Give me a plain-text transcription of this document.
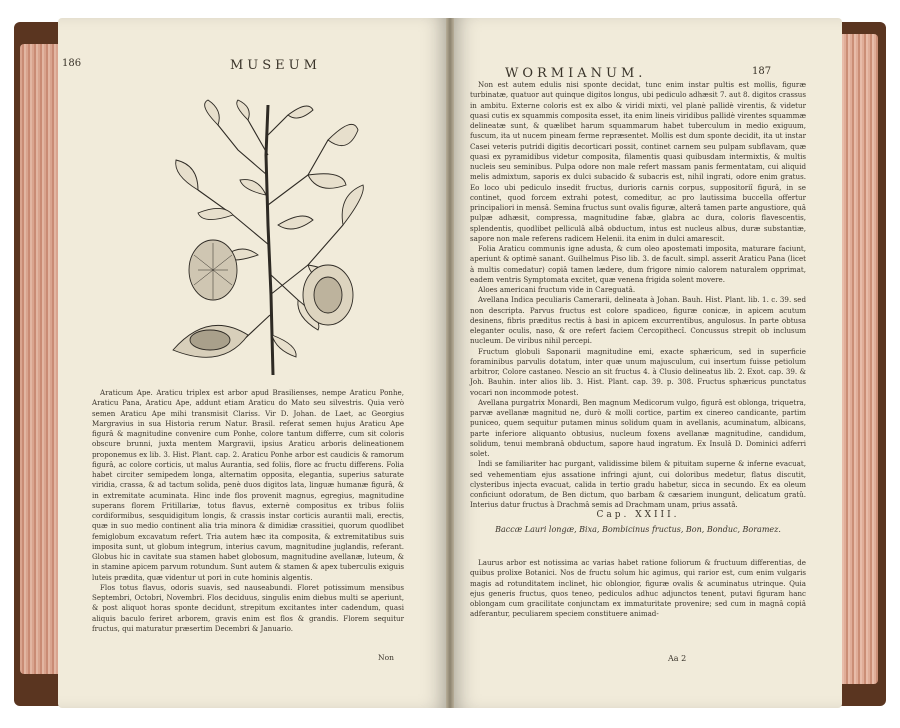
186	MUSEUM
WORMIANUM.	187

Araticum Ape. Araticu triplex est arbor apud Brasilienses, nempe Araticu Ponhe, Araticu Pana, Araticu Ape, addunt etiam Araticu do Mato seu silvestris. Quia verò semen Araticu Ape mihi transmisit Clariss. Vir D. Johan. de Laet, ac Georgius Margravius in sua Historia rerum Natur. Brasil. referat semen hujus Araticu Ape figurâ & magnitudine convenire cum Ponhe, colore tantum differre, cum sit coloris obscure brunni, juxta mentem Margravii, ipsius Araticu arboris delineationem proponemus ex lib. 3. Hist. Plant. cap. 2. Araticu Ponhe arbor est caudicis & ramorum figurâ, ac colore corticis, ut malus Aurantia, sed foliis, flore ac fructu differens. Folia habet circiter semipedem longa, alternatim opposita, elegantia, superius saturate viridia, crassa, & ad tactum solida, penè duos digitos lata, linguæ humanæ figurâ, & in extremitate acuminata. Hinc inde flos provenit magnus, egregius, magnitudine superans florem Fritillariæ, totus flavus, externè compositus ex tribus foliis cordiformibus, sesquidigitum longis, & crassis instar corticis aurantii mali, erectis, quæ in suo medio continent alia tria minora & dimidiæ crassitiei, quorum quodlibet femiglobum excavatum refert. Tria autem hæc ita composita, & extremitatibus suis imposita sunt, ut globum integrum, interius cavum, magnitudine juglandis, referant. Globus hic in cavitate sua stamen habet globosum, magnitudine avellanæ, luteum, & in stamine apicem parvum rotundum. Sunt autem & stamen & apex tuberculis exiguis luteis prædita, quæ videntur ut pori in cute hominis algentis.

Flos totus flavus, odoris suavis, sed nauseabundi. Floret potissimum mensibus Septembri, Octobri, Novembri. Flos deciduus, singulis enim diebus multi se aperiunt, & post aliquot horas sponte decidunt, strepitum excitantes inter cadendum, quasi aliquis baculo feriret arborem, gravis enim est flos & grandis. Florem sequitur fructus, qui maturatur præsertim Decembri & Januario.

Non

Non est autem edulis nisi sponte decidat, tunc enim instar pultis est mollis, figuræ turbinatæ, quatuor aut quinque digitos longus, ubi pediculo adhæsit 7. aut 8. digitos crassus in ambitu. Externe coloris est ex albo & viridi mixti, vel planè pallidè virentis, & videtur quasi cutis ex squammis composita esset, ita enim lineis viridibus pallidè virentes squammæ delineatæ sunt, & quælibet harum squammarum habet tuberculum in medio exiguum, fuscum, ita ut nucem pineam ferme repræsentet. Mollis est dum sponte decidit, ita ut instar Casei veteris putridi digitis decorticari possit, continet carnem seu pulpam subflavam, quæ quasi ex pyramidibus videtur composita, filamentis quasi quibusdam intermixtis, & multis nucleis seu seminibus. Pulpa odore non male refert massam panis fermentatam, cui aliquid melis admixtum, saporis ex dulci subacido & subacris est, nihil ingrati, odore enim gratus. Eo loco ubi pediculo insedit fructus, durioris carnis corpus, suppositoriî figurâ, in se continet, quod forcem extrahi potest, comeditur, ac pro lautissima buccella offertur principaliori in mensâ. Semina fructus sunt ovalis figuræ, alterâ tamen parte angustiore, quâ pulpæ adhæsit, compressa, magnitudine fabæ, glabra ac dura, coloris flavescentis, splendentis, quodlibet pelliculâ albâ obductum, intus est nucleus albus, duræ substantiæ, sapore non male referens radicem Helenii. ita enim in dulci amarescit.

Folia Araticu communis igne adusta, & cum oleo apostemati imposita, maturare faciunt, aperiunt & optimè sanant. Guilhelmus Piso lib. 3. de facult. simpl. asserit Araticu Pana (licet à multis comedatur) copiâ tamen lædere, dum frigore nimio calorem naturalem opprimat, eadem ventris Symptomata excitet, quæ venena frigida solent movere.

Aloes americani fructum vide in Careguatâ.

Avellana Indica peculiaris Camerarii, delineata à Johan. Bauh. Hist. Plant. lib. 1. c. 39. sed non descripta. Parvus fructus est colore spadiceo, figuræ conicæ, in apicem acutum desinens, fibris præditus rectis à basi in apicem excurrentibus, angulosus. In parte obtusa eleganter oculis, naso, & ore refert faciem Cercopithecî. Concussus strepit ob inclusum nucleum. De viribus nihil percepi.

Fructum globuli Saponarii magnitudine emi, exacte sphæricum, sed in superficie foraminibus parvulis dotatum, inter quæ unum majusculum, cui insertum fuisse petiolum arbitror, Colore castaneo. Nescio an sit fructus 4. à Clusio delineatus lib. 2. Exot. cap. 39. & Joh. Bauhin. inter alios lib. 3. Hist. Plant. cap. 39. p. 308. Fructus sphæricus punctatus vocari non incommode potest.

Avellana purgatrix Monardi, Ben magnum Medicorum vulgo, figurâ est oblonga, triquetra, parvæ avellanæ magnitud ne, durò & molli cortice, partim ex cinereo candicante, partim puniceo, quem sequitur putamen minus solidum quam in avellanis, acuminatum, albicans, parte inferiore aliquanto obtusius, nucleum foxens avellanæ magnitudine, candidum, solidum, tenui membranâ obductum, sapore haud ingratum. Ex Insulâ D. Dominici adferri solet.

Indi se familiariter hac purgant, validissime bilem & pituitam superne & inferne evacuat, sed vehementiam ejus assatione infringi ajunt, cui doloribus medetur, flatus discutit, clysteribus injecta evacuat, calida in tertio gradu habetur, sicca in secundo. Ex ea oleum conficiunt odoratum, de Ben dictum, quo barbam & cæsariem inungunt, delicatum gratû. Interius datur fructus à Drachmâ semis ad Drachmam unam, prius assatâ.

Cap. XXIII.
Baccæ Lauri longæ, Bixa, Bombicinus fructus, Bon, Bonduc, Boramez.

Laurus arbor est notissima ac varias habet ratione foliorum & fructuum differentias, de quibus prolixe Botanici. Nos de fructu solum hic agimus, qui rarior est, cum enim vulgaris magis ad rotunditatem inclinet, hic oblongior, figuræ ovalis & acuminatus utrinque. Quia ejus generis fructus, quos teneo, pediculos adhuc adjunctos tenent, putavi figuram hanc oblongam cum gracilitate conjunctam ex immaturitate provenire; sed cum in magnâ copiâ adferantur, peculiarem speciem constituere animad-

Aa 2
